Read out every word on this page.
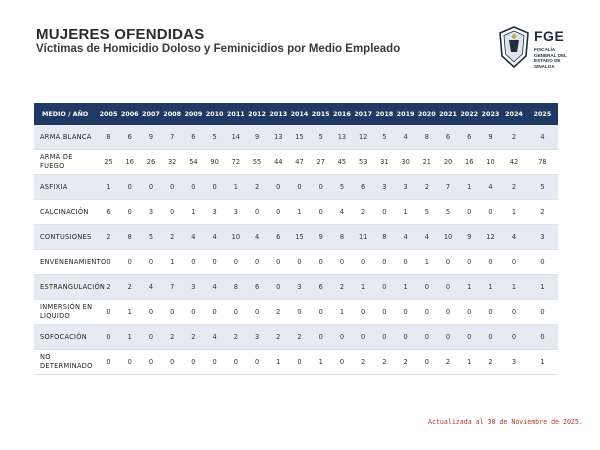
MUJERES OFENDIDAS
Víctimas de Homicidio Doloso y Feminicidios por Medio Empleado
FGE
FISCALÍA GENERAL DEL ESTADO DE SINALOA
MEDIO / AÑO	2005	2006	2007	2008	2009	2010	2011	2012	2013	2014	2015	2016	2017	2018	2019	2020	2021	2022	2023	2024	2025
ARMA BLANCA	8	6	9	7	6	5	14	9	13	15	5	13	12	5	4	8	6	6	9	2	4
ARMA DE FUEGO	25	16	26	32	54	90	72	55	44	47	27	45	53	31	30	21	20	16	10	42	78
ASFIXIA	1	0	0	0	0	0	1	2	0	0	0	5	6	3	3	2	7	1	4	2	5
CALCINACIÓN	6	0	3	0	1	3	3	0	0	1	0	4	2	0	1	5	5	0	0	1	2
CONTUSIONES	2	8	5	2	4	4	10	4	6	15	9	8	11	8	4	4	10	9	12	4	3
ENVENENAMIENTO	0	0	0	1	0	0	0	0	0	0	0	0	0	0	0	1	0	0	0	0	0
ESTRANGULACIÓN	2	2	4	7	3	4	8	6	0	3	6	2	1	0	1	0	0	1	1	1	1
INMERSIÓN EN LÍQUIDO	0	1	0	0	0	0	0	0	2	0	0	1	0	0	0	0	0	0	0	0	0
SOFOCACIÓN	0	1	0	2	2	4	2	3	2	2	0	0	0	0	0	0	0	0	0	0	0
NO DETERMINADO	0	0	0	0	0	0	0	0	1	0	1	0	2	2	2	0	2	1	2	3	1
Actualizada al 30 de Noviembre de 2025.
